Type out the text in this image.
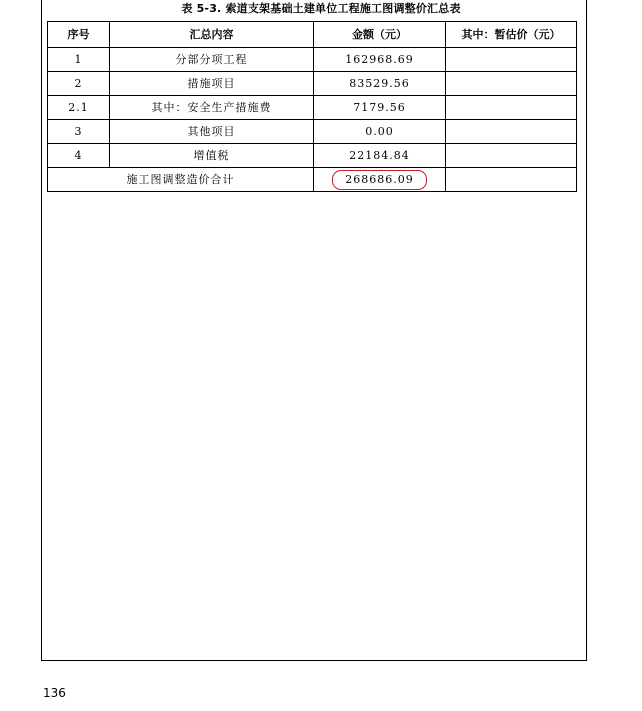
表 5-3. 索道支架基础土建单位工程施工图调整价汇总表
序号	汇总内容	金额（元）	其中：暂估价（元）
1	分部分项工程	162968.69	
2	措施项目	83529.56	
2.1	其中：安全生产措施费	7179.56	
3	其他项目	0.00	
4	增值税	22184.84	
施工图调整造价合计		268686.09	
136
